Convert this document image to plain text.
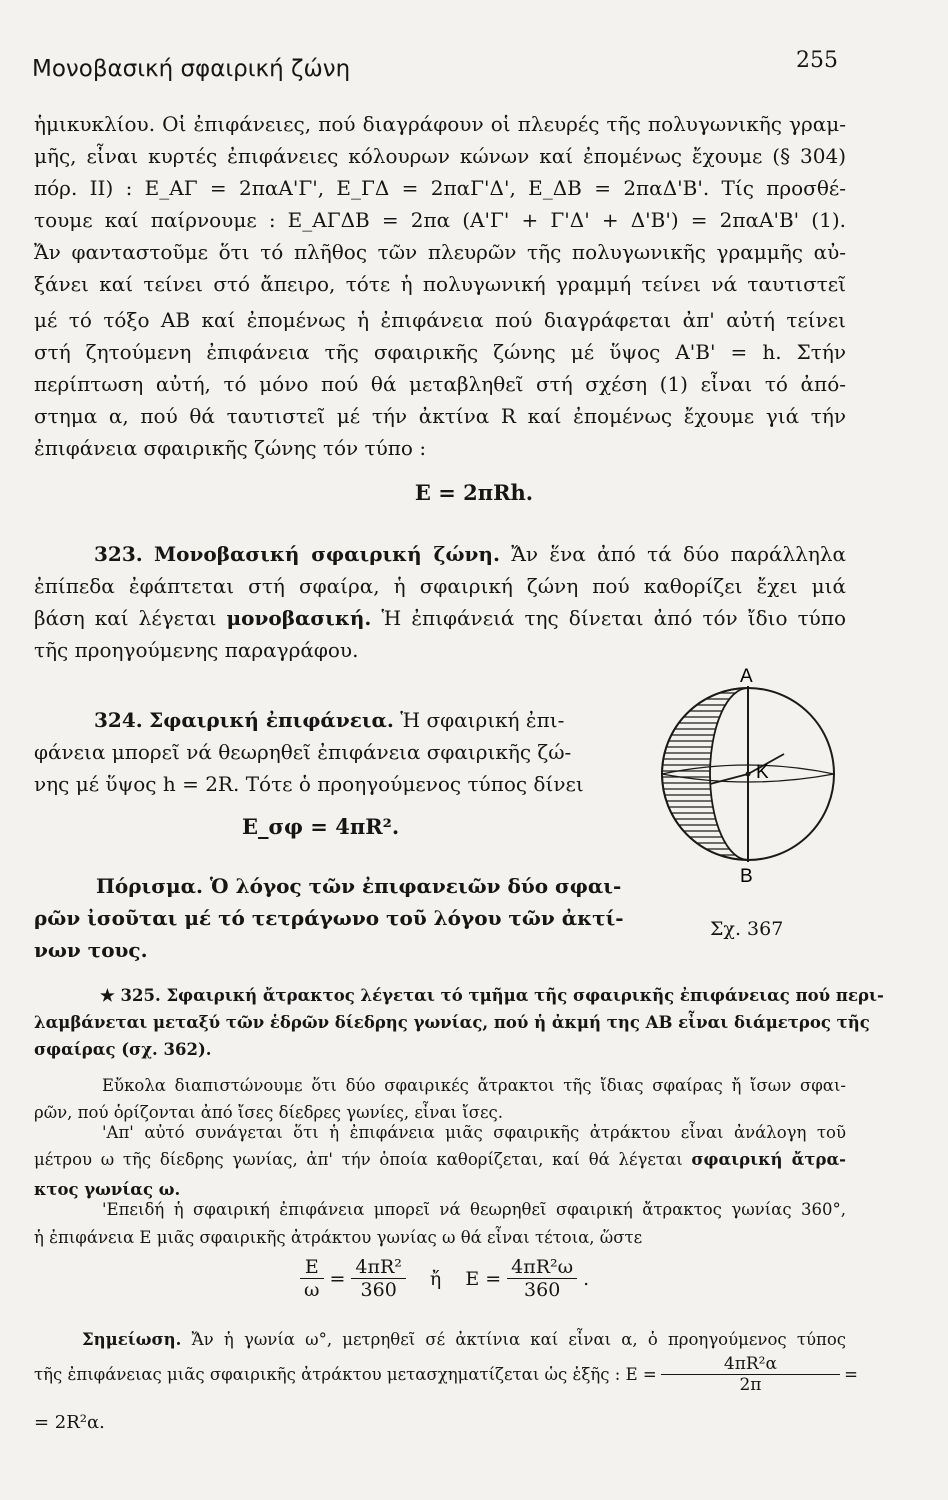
Μονοβασική σφαιρική ζώνη	255
ἡμικυκλίου. Οἱ ἐπιφάνειες, πού διαγράφουν οἱ πλευρές τῆς πολυγωνικῆς γραμ-
μῆς, εἶναι κυρτές ἐπιφάνειες κόλουρων κώνων καί ἐπομένως ἔχουμε (§ 304)
πόρ. ΙΙ) : E_ΑΓ = 2παΑ'Γ', E_ΓΔ = 2παΓ'Δ', E_ΔΒ = 2παΔ'Β'. Τίς προσθέ-
τουμε καί παίρνουμε : E_ΑΓΔΒ = 2πα (Α'Γ' + Γ'Δ' + Δ'Β') = 2παΑ'Β' (1).
Ἄν φανταστοῦμε ὅτι τό πλῆθος τῶν πλευρῶν τῆς πολυγωνικῆς γραμμῆς αὐ-
ξάνει καί τείνει στό ἄπειρο, τότε ἡ πολυγωνική γραμμή τείνει νά ταυτιστεῖ
μέ τό τόξο ΑΒ καί ἐπομένως ἡ ἐπιφάνεια πού διαγράφεται ἀπ' αὐτή τείνει
στή ζητούμενη ἐπιφάνεια τῆς σφαιρικῆς ζώνης μέ ὕψος Α'Β' = h. Στήν
περίπτωση αὐτή, τό μόνο πού θά μεταβληθεῖ στή σχέση (1) εἶναι τό ἀπό-
στημα α, πού θά ταυτιστεῖ μέ τήν ἀκτίνα R καί ἐπομένως ἔχουμε γιά τήν
ἐπιφάνεια σφαιρικῆς ζώνης τόν τύπο :
E = 2πRh.
323. Μονοβασική σφαιρική ζώνη. Ἄν ἕνα ἀπό τά δύο παράλληλα
ἐπίπεδα ἐφάπτεται στή σφαίρα, ἡ σφαιρική ζώνη πού καθορίζει ἔχει μιά
βάση καί λέγεται μονοβασική. Ἡ ἐπιφάνειά της δίνεται ἀπό τόν ἴδιο τύπο
τῆς προηγούμενης παραγράφου.
324. Σφαιρική ἐπιφάνεια. Ἡ σφαιρική ἐπι-
φάνεια μπορεῖ νά θεωρηθεῖ ἐπιφάνεια σφαιρικῆς ζώ-
νης μέ ὕψος h = 2R. Τότε ὁ προηγούμενος τύπος δίνει
E_σφ = 4πR².
Πόρισμα. Ὁ λόγος τῶν ἐπιφανειῶν δύο σφαι-
ρῶν ἰσοῦται μέ τό τετράγωνο τοῦ λόγου τῶν ἀκτί-
νων τους.
A
B
K
Σχ. 367
★ 325. Σφαιρική ἄτρακτος λέγεται τό τμῆμα τῆς σφαιρικῆς ἐπιφάνειας πού περι-
λαμβάνεται μεταξύ τῶν ἑδρῶν δίεδρης γωνίας, πού ἡ ἀκμή της ΑΒ εἶναι διάμετρος τῆς
σφαίρας (σχ. 362).
Εὔκολα διαπιστώνουμε ὅτι δύο σφαιρικές ἄτρακτοι τῆς ἴδιας σφαίρας ἤ ἴσων σφαι-
ρῶν, πού ὁρίζονται ἀπό ἴσες δίεδρες γωνίες, εἶναι ἴσες.
'Απ' αὐτό συνάγεται ὅτι ἡ ἐπιφάνεια μιᾶς σφαιρικῆς ἀτράκτου εἶναι ἀνάλογη τοῦ
μέτρου ω τῆς δίεδρης γωνίας, ἀπ' τήν ὁποία καθορίζεται, καί θά λέγεται σφαιρική ἄτρα-
κτος γωνίας ω.
'Επειδή ἡ σφαιρική ἐπιφάνεια μπορεῖ νά θεωρηθεῖ σφαιρική ἄτρακτος γωνίας 360°,
ἡ ἐπιφάνεια E μιᾶς σφαιρικῆς ἀτράκτου γωνίας ω θά εἶναι τέτοια, ὥστε
$\frac{E}{\omega} = \frac{\text{4πR²}}{360}$ ἤ $E = \frac{\text{4πR²ω}}{360}$ .
Σημείωση. Ἄν ἡ γωνία ω°, μετρηθεῖ σέ ἀκτίνια καί εἶναι α, ὁ προηγούμενος τύπος
τῆς ἐπιφάνειας μιᾶς σφαιρικῆς ἀτράκτου μετασχηματίζεται ὡς ἑξῆς : $E = \frac{\text{4πR²α}}{2\pi}$ =
= 2R²α.
